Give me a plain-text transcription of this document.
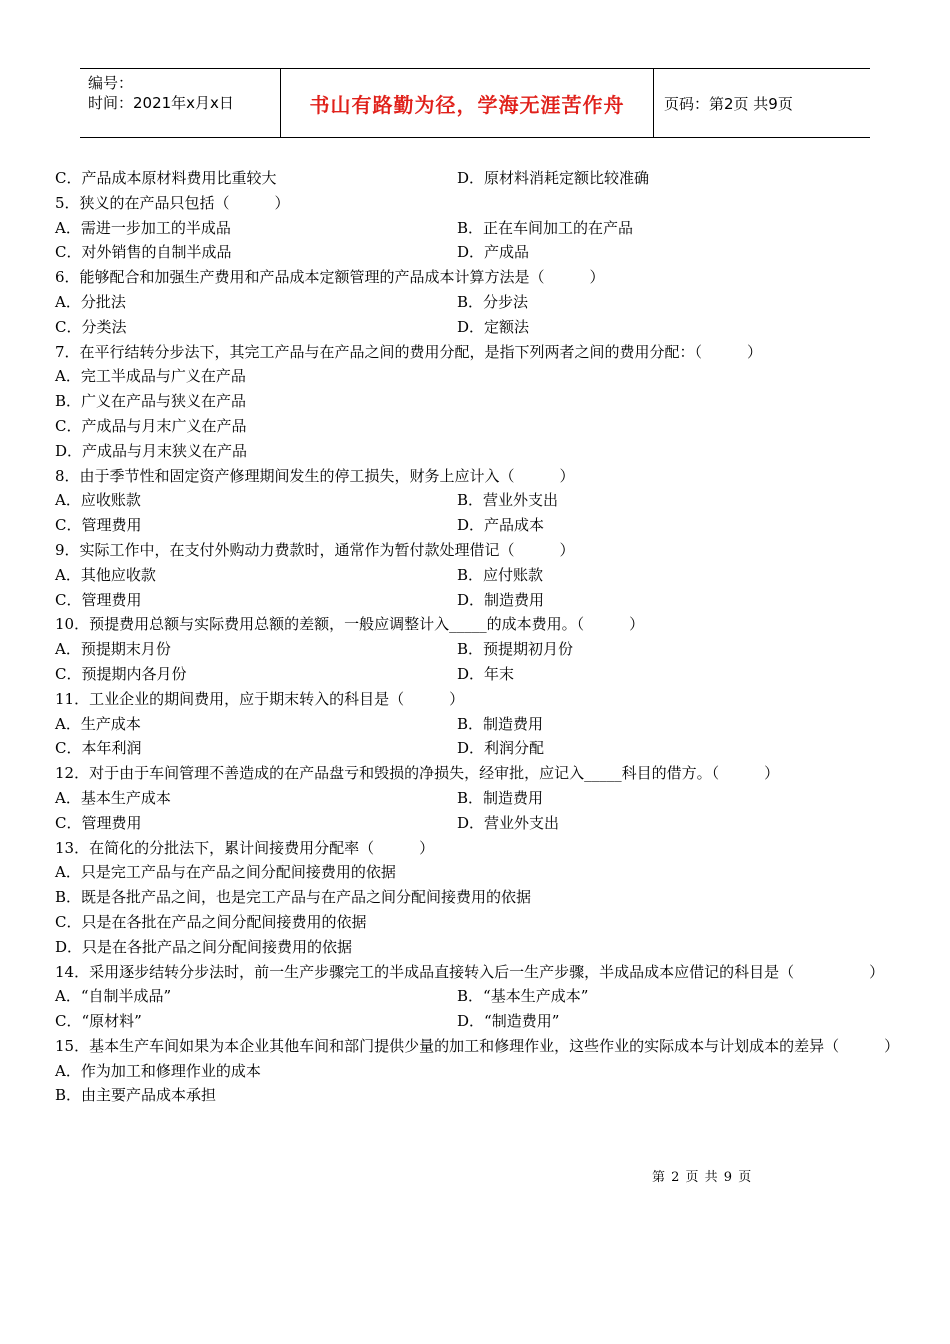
编号：
时间：2021年x月x日	书山有路勤为径，学海无涯苦作舟	页码：第2页 共9页
C．产品成本原材料费用比重较大	D．原材料消耗定额比较准确
5．狭义的在产品只包括（　　　）
A．需进一步加工的半成品	B．正在车间加工的在产品
C．对外销售的自制半成品	D．产成品
6．能够配合和加强生产费用和产品成本定额管理的产品成本计算方法是（　　　）
A．分批法	B．分步法
C．分类法	D．定额法
7．在平行结转分步法下，其完工产品与在产品之间的费用分配，是指下列两者之间的费用分配：（　　　）
A．完工半成品与广义在产品
B．广义在产品与狭义在产品
C．产成品与月末广义在产品
D．产成品与月末狭义在产品
8．由于季节性和固定资产修理期间发生的停工损失，财务上应计入（　　　）
A．应收账款	B．营业外支出
C．管理费用	D．产品成本
9．实际工作中，在支付外购动力费款时，通常作为暂付款处理借记（　　　）
A．其他应收款	B．应付账款
C．管理费用	D．制造费用
10．预提费用总额与实际费用总额的差额，一般应调整计入_____的成本费用。（　　　）
A．预提期末月份	B．预提期初月份
C．预提期内各月份	D．年末
11．工业企业的期间费用，应于期末转入的科目是（　　　）
A．生产成本	B．制造费用
C．本年利润	D．利润分配
12．对于由于车间管理不善造成的在产品盘亏和毁损的净损失，经审批，应记入_____科目的借方。（　　　）
A．基本生产成本	B．制造费用
C．管理费用	D．营业外支出
13．在简化的分批法下，累计间接费用分配率（　　　）
A．只是完工产品与在产品之间分配间接费用的依据
B．既是各批产品之间，也是完工产品与在产品之间分配间接费用的依据
C．只是在各批在产品之间分配间接费用的依据
D．只是在各批产品之间分配间接费用的依据
14．采用逐步结转分步法时，前一生产步骤完工的半成品直接转入后一生产步骤，半成品成本应借记的科目是（　　　　　）
A．“自制半成品”	B．“基本生产成本”
C．“原材料”	D．“制造费用”
15．基本生产车间如果为本企业其他车间和部门提供少量的加工和修理作业，这些作业的实际成本与计划成本的差异（　　　）
A．作为加工和修理作业的成本
B．由主要产品成本承担
第 2 页 共 9 页
